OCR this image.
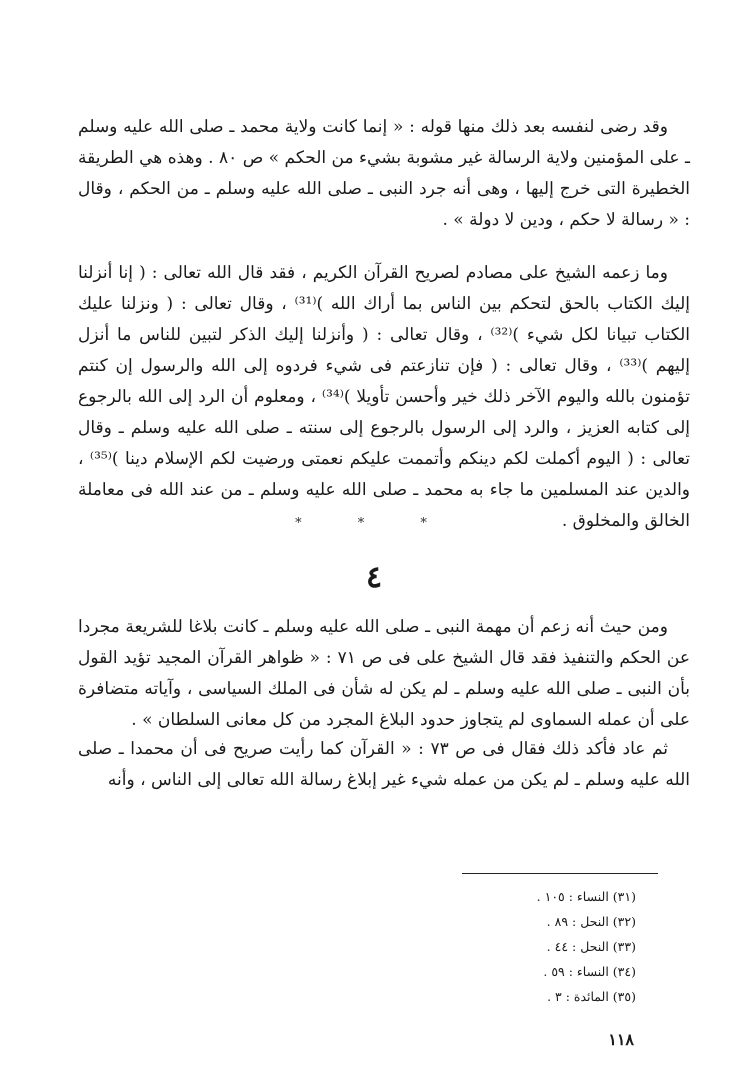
وقد رضى لنفسه بعد ذلك منها قوله : « إنما كانت ولاية محمد ـ صلى الله عليه وسلم ـ على المؤمنين ولاية الرسالة غير مشوبة بشيء من الحكم » ص ٨٠ . وهذه هي الطريقة الخطيرة التى خرج إليها ، وهى أنه جرد النبى ـ صلى الله عليه وسلم ـ من الحكم ، وقال : « رسالة لا حكم ، ودين لا دولة » .

وما زعمه الشيخ على مصادم لصريح القرآن الكريم ، فقد قال الله تعالى : ( إنا أنزلنا إليك الكتاب بالحق لتحكم بين الناس بما أراك الله )⁽³¹⁾ ، وقال تعالى : ( ونزلنا عليك الكتاب تبيانا لكل شيء )⁽³²⁾ ، وقال تعالى : ( وأنزلنا إليك الذكر لتبين للناس ما أنزل إليهم )⁽³³⁾ ، وقال تعالى : ( فإن تنازعتم فى شيء فردوه إلى الله والرسول إن كنتم تؤمنون بالله واليوم الآخر ذلك خير وأحسن تأويلا )⁽³⁴⁾ ، ومعلوم أن الرد إلى الله بالرجوع إلى كتابه العزيز ، والرد إلى الرسول بالرجوع إلى سنته ـ صلى الله عليه وسلم ـ وقال تعالى : ( اليوم أكملت لكم دينكم وأتممت عليكم نعمتى ورضيت لكم الإسلام دينا )⁽³⁵⁾ ، والدين عند المسلمين ما جاء به محمد ـ صلى الله عليه وسلم ـ من عند الله فى معاملة الخالق والمخلوق .

* * *
٤

ومن حيث أنه زعم أن مهمة النبى ـ صلى الله عليه وسلم ـ كانت بلاغا للشريعة مجردا عن الحكم والتنفيذ فقد قال الشيخ على فى ص ٧١ : « ظواهر القرآن المجيد تؤيد القول بأن النبى ـ صلى الله عليه وسلم ـ لم يكن له شأن فى الملك السياسى ، وآياته متضافرة على أن عمله السماوى لم يتجاوز حدود البلاغ المجرد من كل معانى السلطان » .

ثم عاد فأكد ذلك فقال فى ص ٧٣ : « القرآن كما رأيت صريح فى أن محمدا ـ صلى الله عليه وسلم ـ لم يكن من عمله شيء غير إبلاغ رسالة الله تعالى إلى الناس ، وأنه

(٣١) النساء : ١٠٥ .
(٣٢) النحل : ٨٩ .
(٣٣) النحل : ٤٤ .
(٣٤) النساء : ٥٩ .
(٣٥) المائدة : ٣ .
١١٨
